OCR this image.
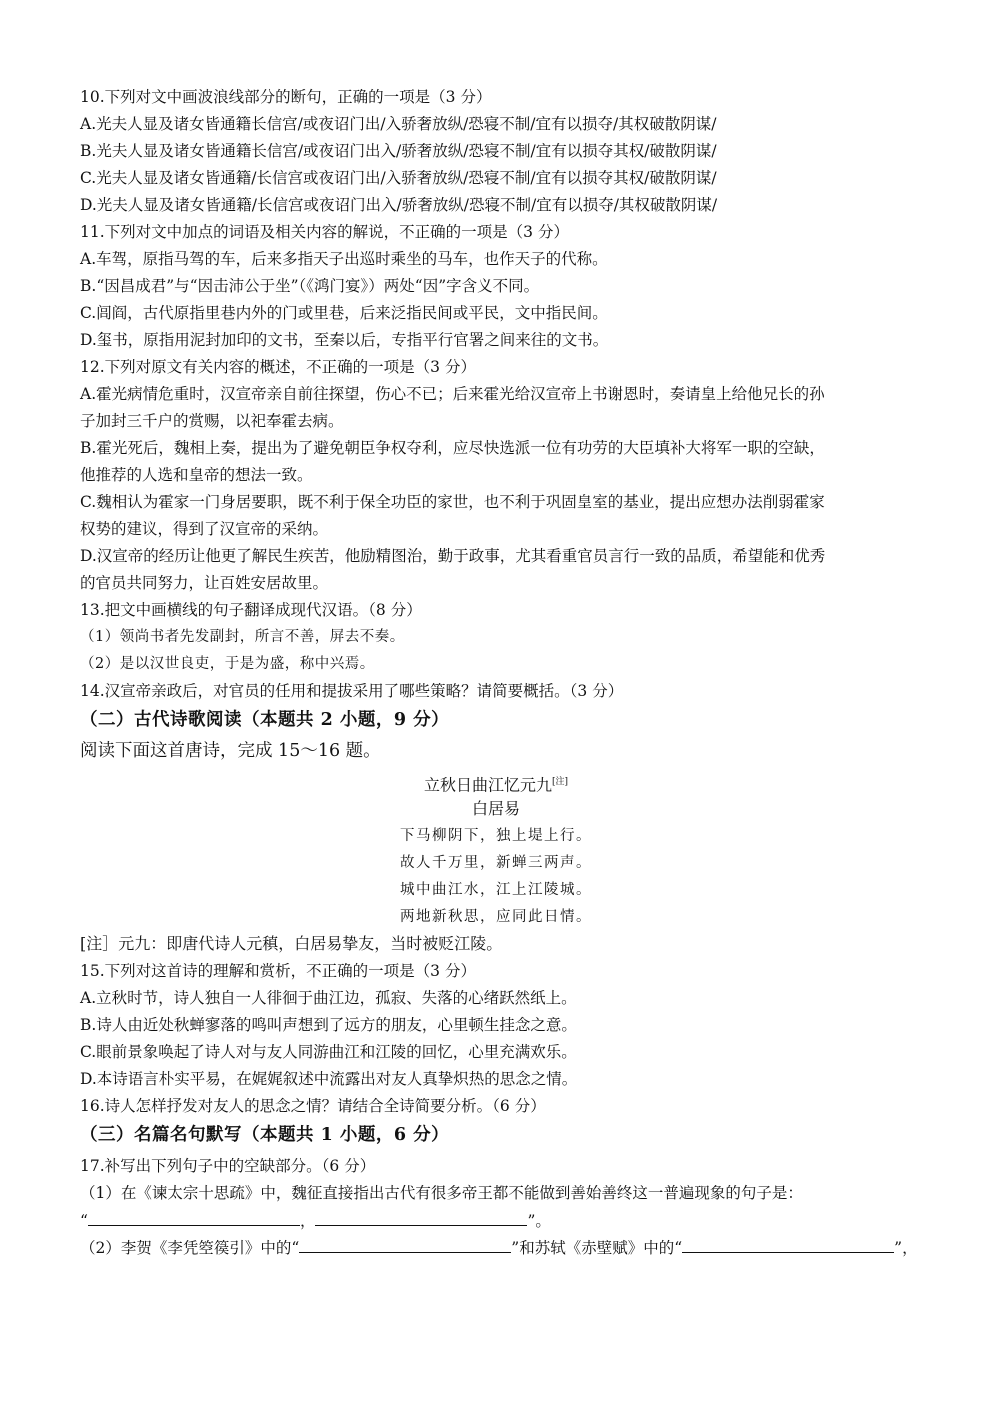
10.下列对文中画波浪线部分的断句，正确的一项是（3 分）
A.光夫人显及诸女皆通籍长信宫/或夜诏门出/入骄奢放纵/恐寝不制/宜有以损夺/其权破散阴谋/
B.光夫人显及诸女皆通籍长信宫/或夜诏门出入/骄奢放纵/恐寝不制/宜有以损夺其权/破散阴谋/
C.光夫人显及诸女皆通籍/长信宫或夜诏门出/入骄奢放纵/恐寝不制/宜有以损夺其权/破散阴谋/
D.光夫人显及诸女皆通籍/长信宫或夜诏门出入/骄奢放纵/恐寝不制/宜有以损夺/其权破散阴谋/
11.下列对文中加点的词语及相关内容的解说，不正确的一项是（3 分）
A.车驾，原指马驾的车，后来多指天子出巡时乘坐的马车，也作天子的代称。
B.“因昌成君”与“因击沛公于坐”（《鸿门宴》）两处“因”字含义不同。
C.闾阎，古代原指里巷内外的门或里巷，后来泛指民间或平民，文中指民间。
D.玺书，原指用泥封加印的文书，至秦以后，专指平行官署之间来往的文书。
12.下列对原文有关内容的概述，不正确的一项是（3 分）
A.霍光病情危重时，汉宣帝亲自前往探望，伤心不已；后来霍光给汉宣帝上书谢恩时，奏请皇上给他兄长的孙
子加封三千户的赏赐，以祀奉霍去病。
B.霍光死后，魏相上奏，提出为了避免朝臣争权夺利，应尽快选派一位有功劳的大臣填补大将军一职的空缺，
他推荐的人选和皇帝的想法一致。
C.魏相认为霍家一门身居要职，既不利于保全功臣的家世，也不利于巩固皇室的基业，提出应想办法削弱霍家
权势的建议，得到了汉宣帝的采纳。
D.汉宣帝的经历让他更了解民生疾苦，他励精图治，勤于政事，尤其看重官员言行一致的品质，希望能和优秀
的官员共同努力，让百姓安居故里。
13.把文中画横线的句子翻译成现代汉语。（8 分）
（1）领尚书者先发副封，所言不善，屏去不奏。
（2）是以汉世良吏，于是为盛，称中兴焉。
14.汉宣帝亲政后，对官员的任用和提拔采用了哪些策略？请简要概括。（3 分）
（二）古代诗歌阅读（本题共 2 小题，9 分）
阅读下面这首唐诗，完成 15～16 题。
立秋日曲江忆元九[注]
白居易
下马柳阴下，独上堤上行。
故人千万里，新蝉三两声。
城中曲江水，江上江陵城。
两地新秋思，应同此日情。
[注］元九：即唐代诗人元稹，白居易挚友，当时被贬江陵。
15.下列对这首诗的理解和赏析，不正确的一项是（3 分）
A.立秋时节，诗人独自一人徘徊于曲江边，孤寂、失落的心绪跃然纸上。
B.诗人由近处秋蝉寥落的鸣叫声想到了远方的朋友，心里顿生挂念之意。
C.眼前景象唤起了诗人对与友人同游曲江和江陵的回忆，心里充满欢乐。
D.本诗语言朴实平易，在娓娓叙述中流露出对友人真挚炽热的思念之情。
16.诗人怎样抒发对友人的思念之情？请结合全诗简要分析。（6 分）
（三）名篇名句默写（本题共 1 小题，6 分）
17.补写出下列句子中的空缺部分。（6 分）
（1）在《谏太宗十思疏》中，魏征直接指出古代有很多帝王都不能做到善始善终这一普遍现象的句子是：
“	，	”。
（2）李贺《李凭箜篌引》中的“	”和苏轼《赤壁赋》中的“	”，
